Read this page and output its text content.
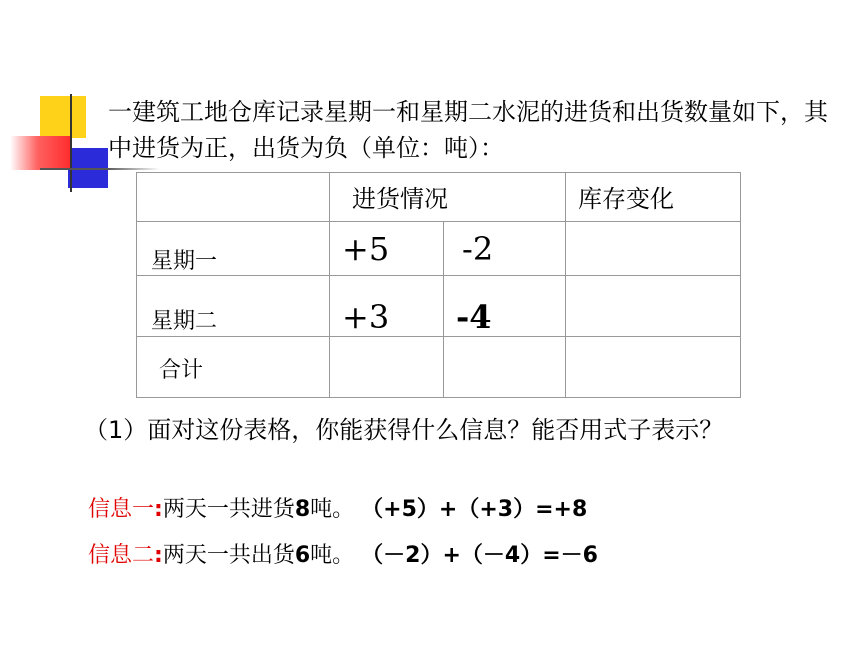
一建筑工地仓库记录星期一和星期二水泥的进货和出货数量如下，其中进货为正，出货为负（单位：吨）：

	进货情况		库存变化

星期一	+5	-2	

星期二	+3	-4	

合计			

（1）面对这份表格，你能获得什么信息？能否用式子表示？
信息一:两天一共进货8吨。 （+5）+（+3）=+8
信息二:两天一共出货6吨。 （－2）+（－4）=－6
